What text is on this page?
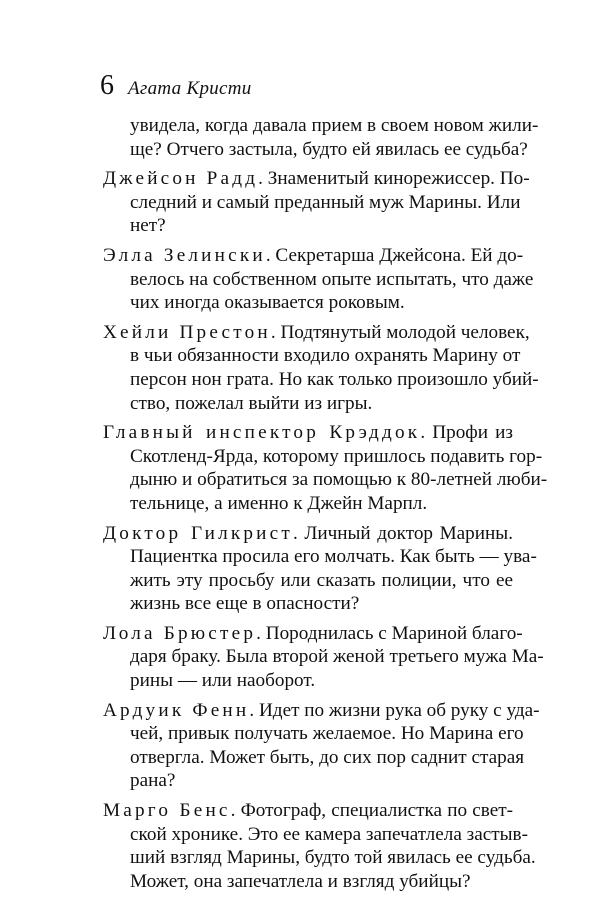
6 Агата Кристи
увидела, когда давала прием в своем новом жили-
ще? Отчего застыла, будто ей явилась ее судьба?
Джейсон Радд. Знаменитый кинорежиссер. По-
следний и самый преданный муж Марины. Или
нет?
Элла Зелински. Секретарша Джейсона. Ей до-
велось на собственном опыте испытать, что даже
чих иногда оказывается роковым.
Хейли Престон. Подтянутый молодой человек,
в чьи обязанности входило охранять Марину от
персон нон грата. Но как только произошло убий-
ство, пожелал выйти из игры.
Главный инспектор Крэддок. Профи из
Скотленд-Ярда, которому пришлось подавить гор-
дыню и обратиться за помощью к 80-летней люби-
тельнице, а именно к Джейн Марпл.
Доктор Гилкрист. Личный доктор Марины.
Пациентка просила его молчать. Как быть — ува-
жить эту просьбу или сказать полиции, что ее
жизнь все еще в опасности?
Лола Брюстер. Породнилась с Мариной благо-
даря браку. Была второй женой третьего мужа Ма-
рины — или наоборот.
Ардуик Фенн. Идет по жизни рука об руку с уда-
чей, привык получать желаемое. Но Марина его
отвергла. Может быть, до сих пор саднит старая
рана?
Марго Бенс. Фотограф, специалистка по свет-
ской хронике. Это ее камера запечатлела застыв-
ший взгляд Марины, будто той явилась ее судьба.
Может, она запечатлела и взгляд убийцы?
